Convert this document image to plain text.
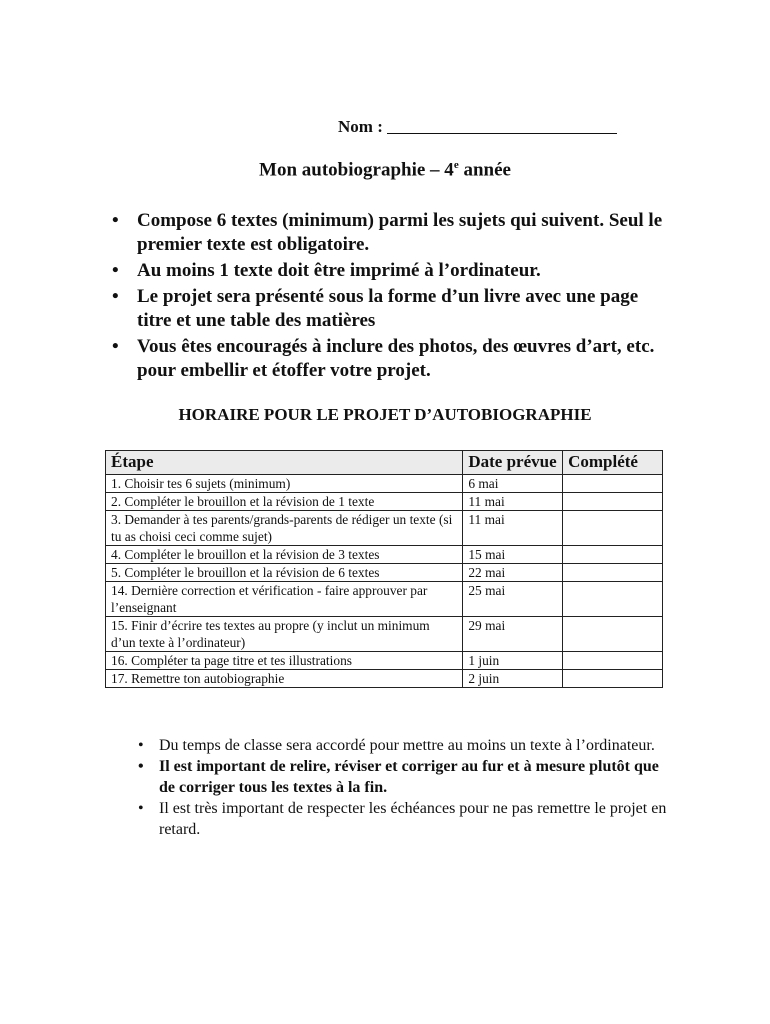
Nom :
Mon autobiographie – 4e année
• Compose 6 textes (minimum) parmi les sujets qui suivent. Seul le premier texte est obligatoire.
• Au moins 1 texte doit être imprimé à l’ordinateur.
• Le projet sera présenté sous la forme d’un livre avec une page titre et une table des matières
• Vous êtes encouragés à inclure des photos, des œuvres d’art, etc. pour embellir et étoffer votre projet.
HORAIRE POUR LE PROJET D’AUTOBIOGRAPHIE
Étape	Date prévue	Complété
1. Choisir tes 6 sujets (minimum)	6 mai	
2. Compléter le brouillon et la révision de 1 texte	11 mai	
3. Demander à tes parents/grands-parents de rédiger un texte (si tu as choisi ceci comme sujet)	11 mai	
4. Compléter le brouillon et la révision de 3 textes	15 mai	
5. Compléter le brouillon et la révision de 6 textes	22 mai	
14. Dernière correction et vérification - faire approuver par l’enseignant	25 mai	
15. Finir d’écrire tes textes au propre (y inclut un minimum d’un texte à l’ordinateur)	29 mai	
16. Compléter ta page titre et tes illustrations	1 juin	
17. Remettre ton autobiographie	2 juin	
• Du temps de classe sera accordé pour mettre au moins un texte à l’ordinateur.
• Il est important de relire, réviser et corriger au fur et à mesure plutôt que de corriger tous les textes à la fin.
• Il est très important de respecter les échéances pour ne pas remettre le projet en retard.
